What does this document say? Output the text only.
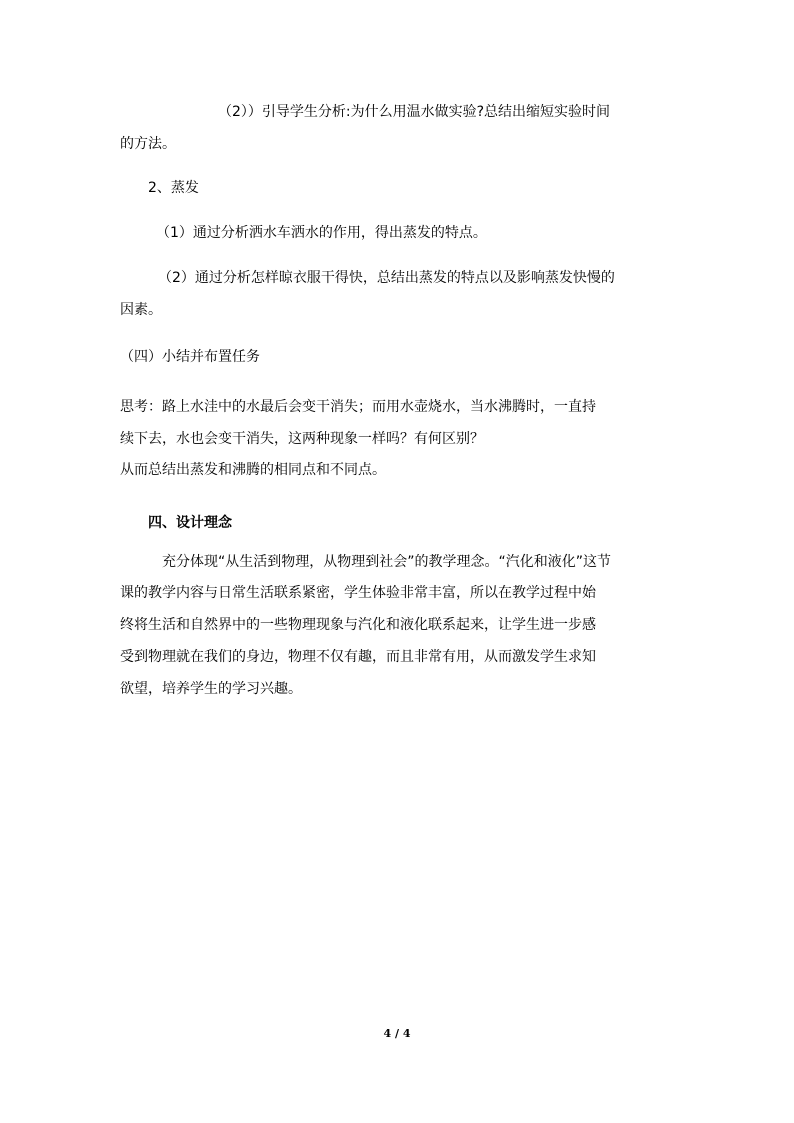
（2））引导学生分析:为什么用温水做实验?总结出缩短实验时间
的方法。
2、蒸发
（1）通过分析洒水车洒水的作用，得出蒸发的特点。
（2）通过分析怎样晾衣服干得快，总结出蒸发的特点以及影响蒸发快慢的
因素。
（四）小结并布置任务
思考：路上水洼中的水最后会变干消失；而用水壶烧水，当水沸腾时，一直持
续下去，水也会变干消失，这两种现象一样吗？有何区别？
从而总结出蒸发和沸腾的相同点和不同点。
四、设计理念
充分体现“从生活到物理，从物理到社会”的教学理念。“汽化和液化”这节
课的教学内容与日常生活联系紧密，学生体验非常丰富，所以在教学过程中始
终将生活和自然界中的一些物理现象与汽化和液化联系起来，让学生进一步感
受到物理就在我们的身边，物理不仅有趣，而且非常有用，从而激发学生求知
欲望，培养学生的学习兴趣。
4 / 4
